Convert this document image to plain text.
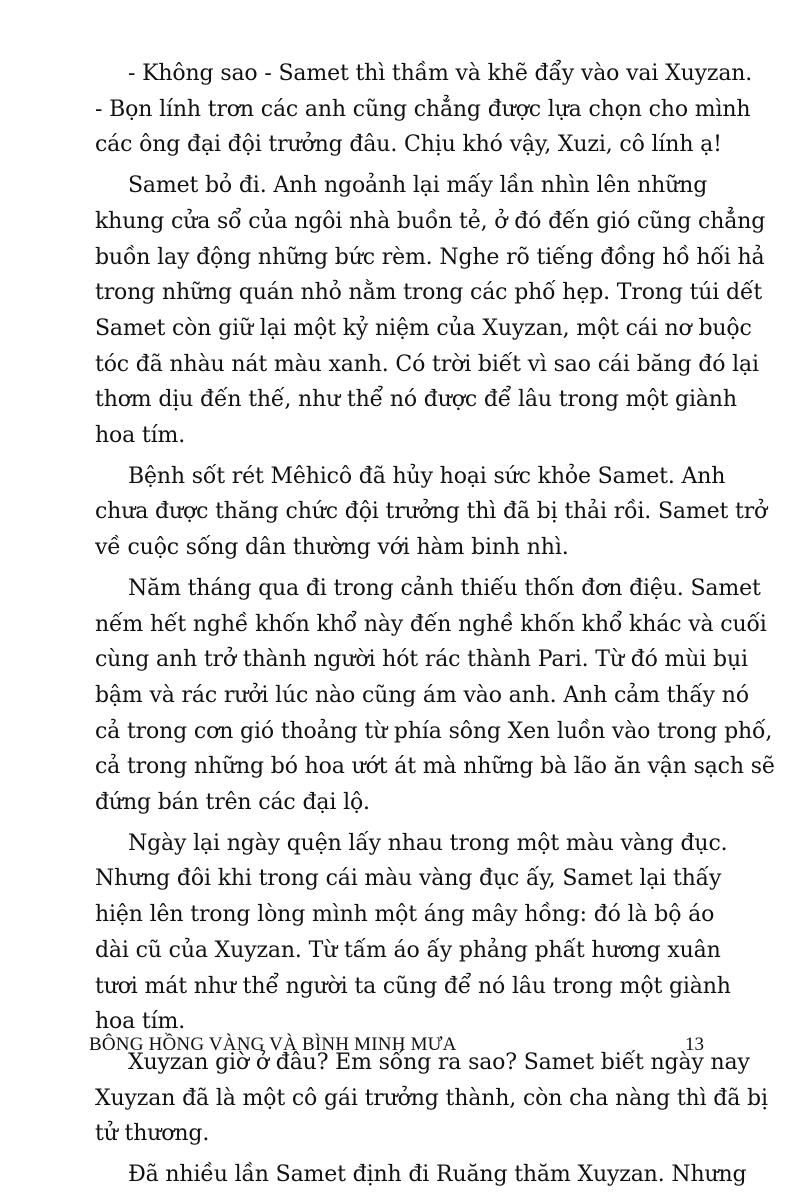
- Không sao - Samet thì thầm và khẽ đẩy vào vai Xuyzan.
- Bọn lính trơn các anh cũng chẳng được lựa chọn cho mình
các ông đại đội trưởng đâu. Chịu khó vậy, Xuzi, cô lính ạ!
Samet bỏ đi. Anh ngoảnh lại mấy lần nhìn lên những
khung cửa sổ của ngôi nhà buồn tẻ, ở đó đến gió cũng chẳng
buồn lay động những bức rèm. Nghe rõ tiếng đồng hồ hối hả
trong những quán nhỏ nằm trong các phố hẹp. Trong túi dết
Samet còn giữ lại một kỷ niệm của Xuyzan, một cái nơ buộc
tóc đã nhàu nát màu xanh. Có trời biết vì sao cái băng đó lại
thơm dịu đến thế, như thể nó được để lâu trong một giành
hoa tím.
Bệnh sốt rét Mêhicô đã hủy hoại sức khỏe Samet. Anh
chưa được thăng chức đội trưởng thì đã bị thải rồi. Samet trở
về cuộc sống dân thường với hàm binh nhì.
Năm tháng qua đi trong cảnh thiếu thốn đơn điệu. Samet
nếm hết nghề khốn khổ này đến nghề khốn khổ khác và cuối
cùng anh trở thành người hót rác thành Pari. Từ đó mùi bụi
bậm và rác rưởi lúc nào cũng ám vào anh. Anh cảm thấy nó
cả trong cơn gió thoảng từ phía sông Xen luồn vào trong phố,
cả trong những bó hoa ướt át mà những bà lão ăn vận sạch sẽ
đứng bán trên các đại lộ.
Ngày lại ngày quện lấy nhau trong một màu vàng đục.
Nhưng đôi khi trong cái màu vàng đục ấy, Samet lại thấy
hiện lên trong lòng mình một áng mây hồng: đó là bộ áo
dài cũ của Xuyzan. Từ tấm áo ấy phảng phất hương xuân
tươi mát như thể người ta cũng để nó lâu trong một giành
hoa tím.
Xuyzan giờ ở đâu? Em sống ra sao? Samet biết ngày nay
Xuyzan đã là một cô gái trưởng thành, còn cha nàng thì đã bị
tử thương.
Đã nhiều lần Samet định đi Ruăng thăm Xuyzan. Nhưng
BÔNG HỒNG VÀNG VÀ BÌNH MINH MƯA	13
